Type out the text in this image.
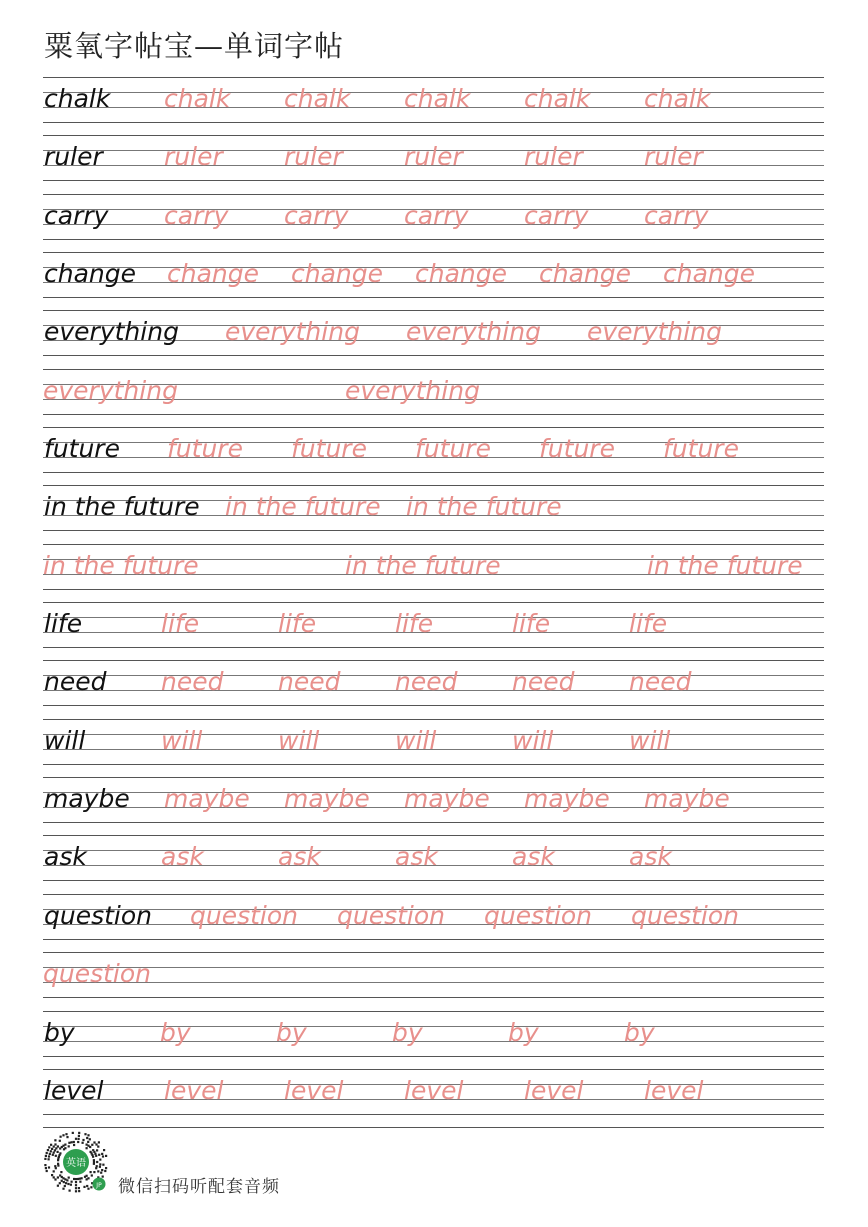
粟氧字帖宝—单词字帖
chalk chalk chalk chalk chalk chalk
ruler ruler ruler ruler ruler ruler
carry carry carry carry carry carry
change change change change change change
everything everything everything everything
everything	everything
future future future future future future
in the future in the future in the future
in the future	in the future	in the future
life	life	life	life	life	life
need need need need need need
will	will	will	will	will	will
maybe maybe maybe maybe maybe maybe
ask	ask	ask	ask	ask	ask
question question question question question
question
by	by	by	by	by	by
level level level level level level
英语
JP 微信扫码听配套音频
